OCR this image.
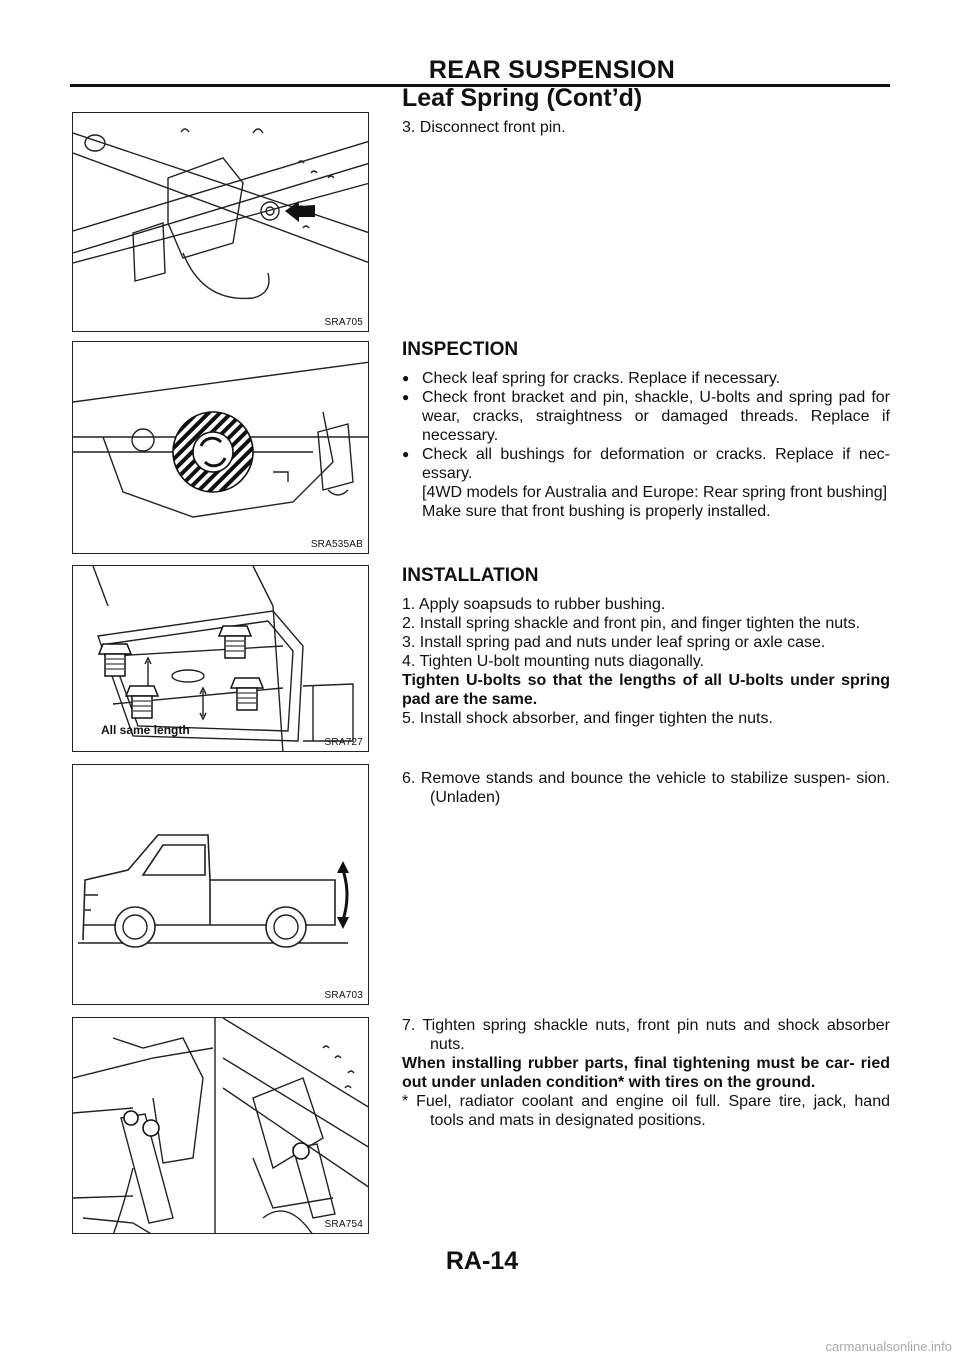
REAR SUSPENSION
Leaf Spring (Cont’d)
SRA705
SRA535AB
All same length
SRA727
SRA703
SRA754

3. Disconnect front pin.

INSPECTION

● Check leaf spring for cracks. Replace if necessary.

● Check front bracket and pin, shackle, U-bolts and spring pad for wear, cracks, straightness or damaged threads. Replace if necessary.

● Check all bushings for deformation or cracks. Replace if nec- essary.

[4WD models for Australia and Europe: Rear spring front bushing]

Make sure that front bushing is properly installed.

INSTALLATION

1. Apply soapsuds to rubber bushing.

2. Install spring shackle and front pin, and finger tighten the nuts.

3. Install spring pad and nuts under leaf spring or axle case.

4. Tighten U-bolt mounting nuts diagonally.

Tighten U-bolts so that the lengths of all U-bolts under spring pad are the same.

5. Install shock absorber, and finger tighten the nuts.

6. Remove stands and bounce the vehicle to stabilize suspen- sion. (Unladen)

7. Tighten spring shackle nuts, front pin nuts and shock absorber nuts.

When installing rubber parts, final tightening must be car- ried out under unladen condition* with tires on the ground.

* Fuel, radiator coolant and engine oil full. Spare tire, jack, hand tools and mats in designated positions.

RA-14
carmanualsonline.info
